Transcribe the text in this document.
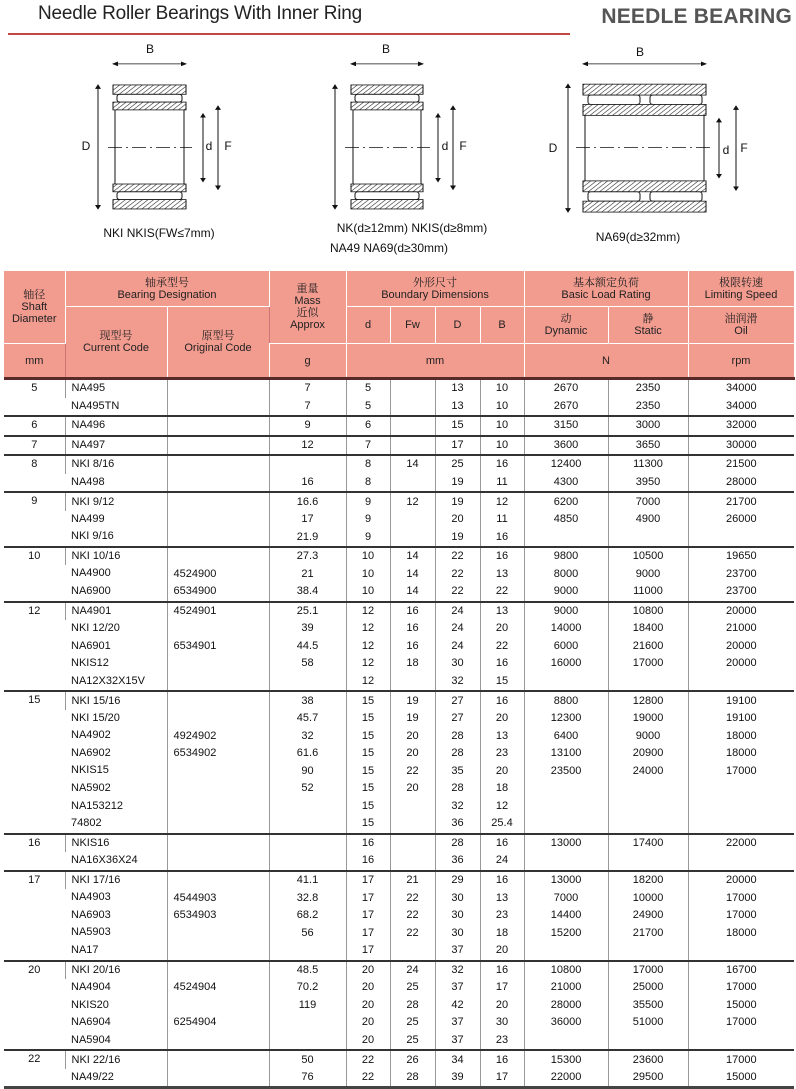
Needle Roller Bearings With Inner Ring	NEEDLE BEARING
B
D	d F
NKI NKIS(FW≤7mm)
B
d F
NK(d≥12mm) NKIS(d≥8mm)
NA49 NA69(d≥30mm)
B
D	d F
NA69(d≥32mm)
轴径
Shaft Diameter	轴承型号
Bearing Designation		重量
Mass
近似
Approx	外形尺寸
Boundary Dimensions				基本额定负荷
Basic Load Rating		极限转速
Limiting Speed
	现型号
Current Code	原型号
Original Code		d	Fw	D	B	动
Dynamic	静
Static	油润滑
Oil
mm			g	mm				N		rpm
5	NA495		7	5		13	10	2670	2350	34000
	NA495TN		7	5		13	10	2670	2350	34000
6	NA496		9	6		15	10	3150	3000	32000
7	NA497		12	7		17	10	3600	3650	30000
8	NKI 8/16			8	14	25	16	12400	11300	21500
	NA498		16	8		19	11	4300	3950	28000
9	NKI 9/12		16.6	9	12	19	12	6200	7000	21700
	NA499		17	9		20	11	4850	4900	26000
	NKI 9/16		21.9	9		19	16			
10	NKI 10/16		27.3	10	14	22	16	9800	10500	19650
	NA4900	4524900	21	10	14	22	13	8000	9000	23700
	NA6900	6534900	38.4	10	14	22	22	9000	11000	23700
12	NA4901	4524901	25.1	12	16	24	13	9000	10800	20000
	NKI 12/20		39	12	16	24	20	14000	18400	21000
	NA6901	6534901	44.5	12	16	24	22	6000	21600	20000
	NKIS12		58	12	18	30	16	16000	17000	20000
	NA12X32X15V			12		32	15			
15	NKI 15/16		38	15	19	27	16	8800	12800	19100
	NKI 15/20		45.7	15	19	27	20	12300	19000	19100
	NA4902	4924902	32	15	20	28	13	6400	9000	18000
	NA6902	6534902	61.6	15	20	28	23	13100	20900	18000
	NKIS15		90	15	22	35	20	23500	24000	17000
	NA5902		52	15	20	28	18			
	NA153212			15		32	12			
	74802			15		36	25.4			
16	NKIS16			16		28	16	13000	17400	22000
	NA16X36X24			16		36	24			
17	NKI 17/16		41.1	17	21	29	16	13000	18200	20000
	NA4903	4544903	32.8	17	22	30	13	7000	10000	17000
	NA6903	6534903	68.2	17	22	30	23	14400	24900	17000
	NA5903		56	17	22	30	18	15200	21700	18000
	NA17			17		37	20			
20	NKI 20/16		48.5	20	24	32	16	10800	17000	16700
	NA4904	4524904	70.2	20	25	37	17	21000	25000	17000
	NKIS20		119	20	28	42	20	28000	35500	15000
	NA6904	6254904		20	25	37	30	36000	51000	17000
	NA5904			20	25	37	23			
22	NKI 22/16		50	22	26	34	16	15300	23600	17000
	NA49/22		76	22	28	39	17	22000	29500	15000
